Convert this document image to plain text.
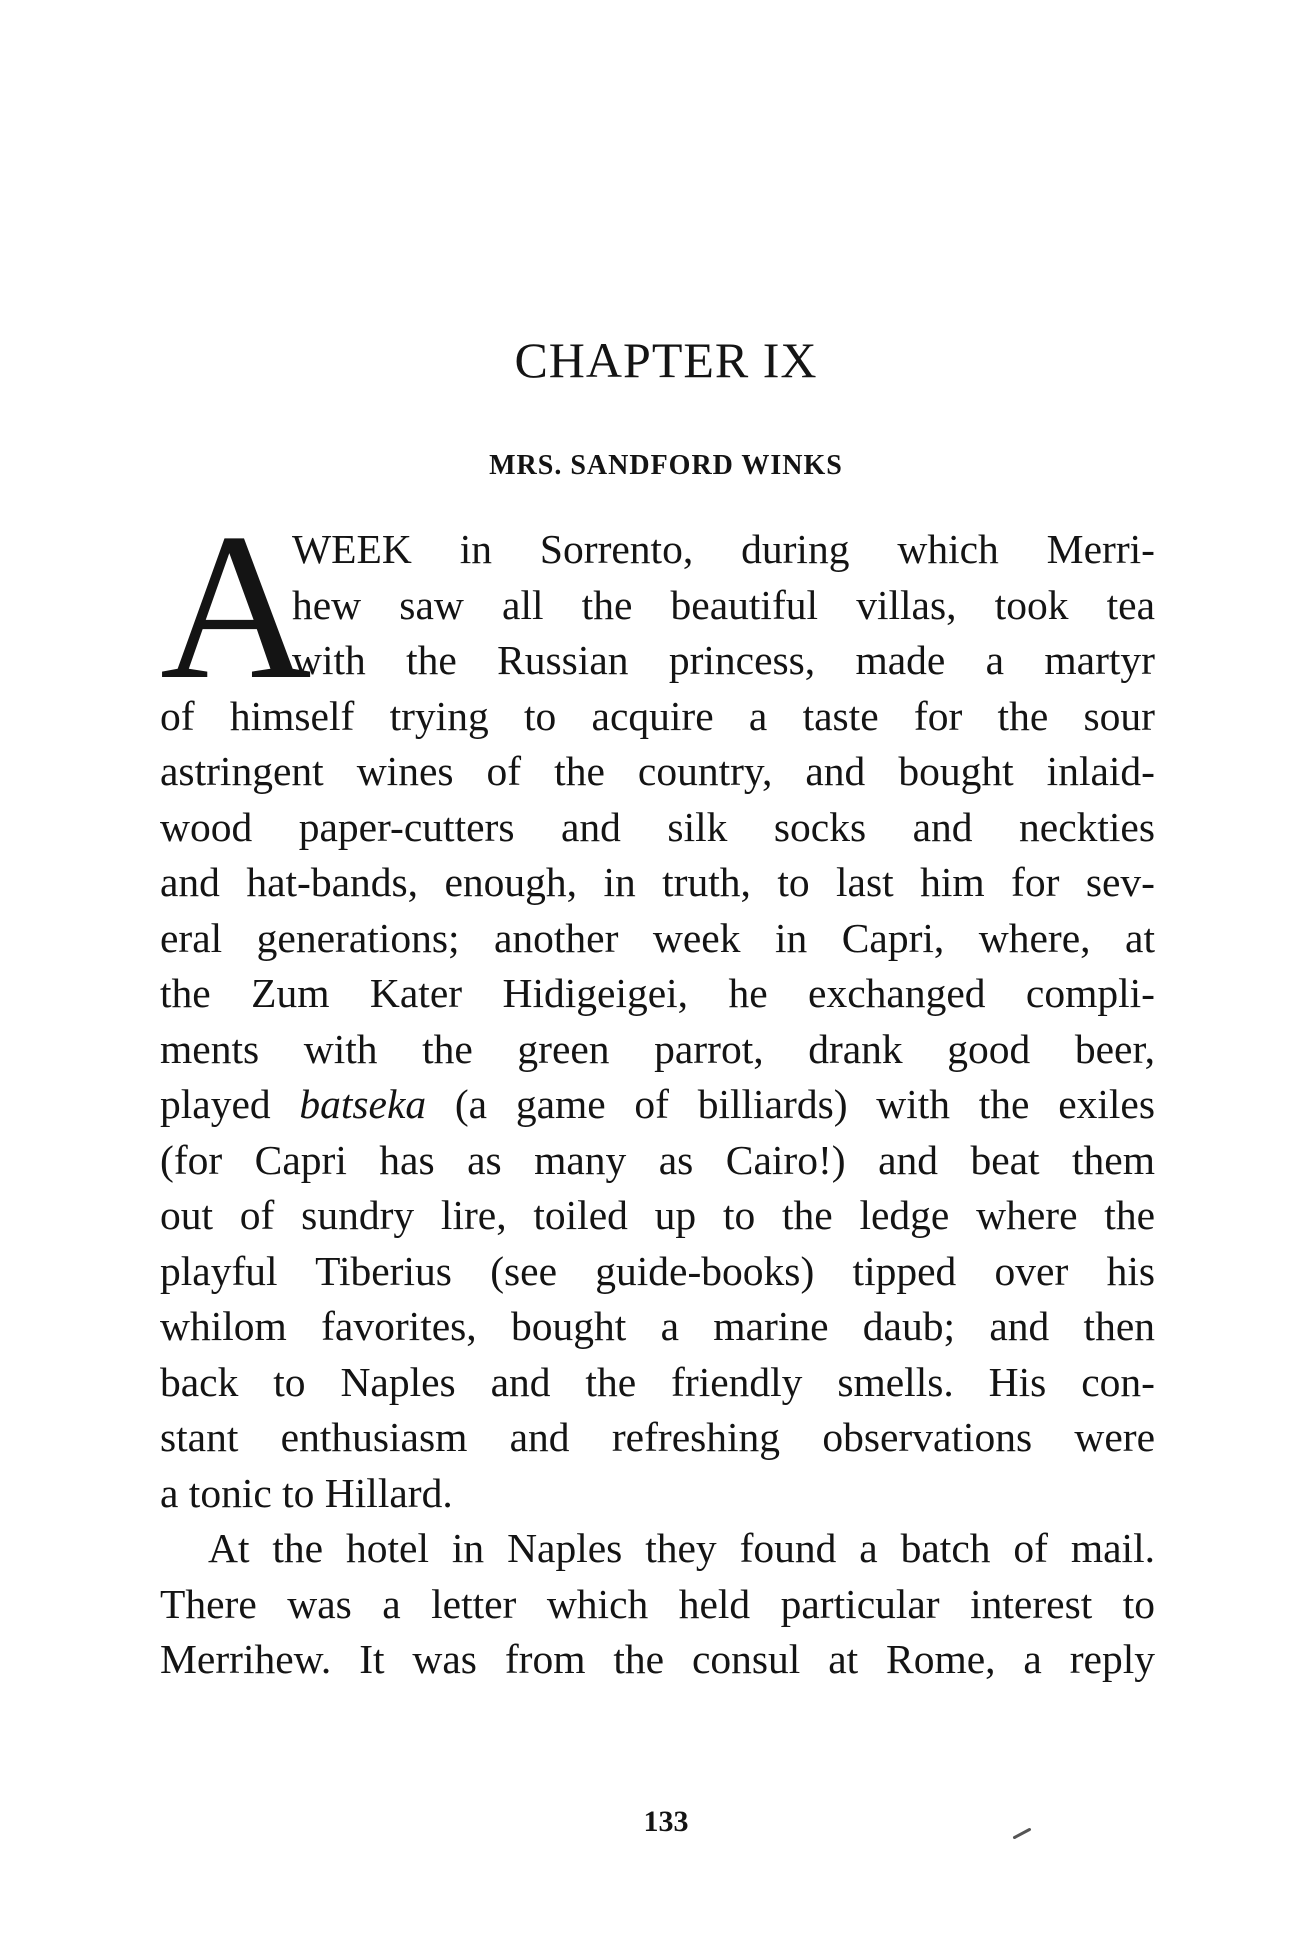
CHAPTER IX
MRS. SANDFORD WINKS
A
WEEK in Sorrento, during which Merri-
hew saw all the beautiful villas, took tea
with the Russian princess, made a martyr
of himself trying to acquire a taste for the sour
astringent wines of the country, and bought inlaid-
wood paper-cutters and silk socks and neckties
and hat-bands, enough, in truth, to last him for sev-
eral generations; another week in Capri, where, at
the Zum Kater Hidigeigei, he exchanged compli-
ments with the green parrot, drank good beer,
played batseka (a game of billiards) with the exiles
(for Capri has as many as Cairo!) and beat them
out of sundry lire, toiled up to the ledge where the
playful Tiberius (see guide-books) tipped over his
whilom favorites, bought a marine daub; and then
back to Naples and the friendly smells. His con-
stant enthusiasm and refreshing observations were
a tonic to Hillard.
At the hotel in Naples they found a batch of mail.
There was a letter which held particular interest to
Merrihew. It was from the consul at Rome, a reply
133
